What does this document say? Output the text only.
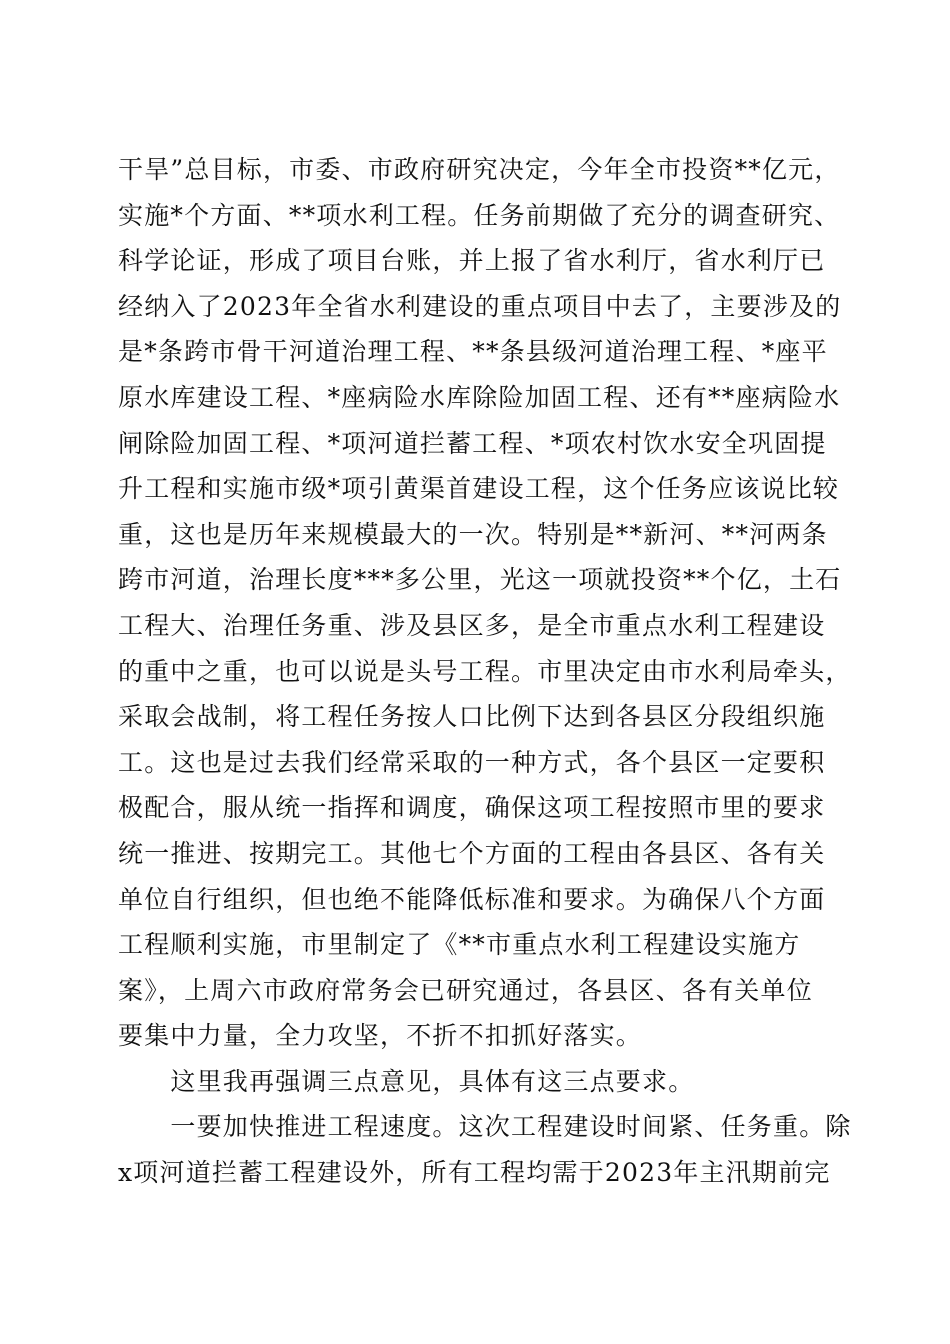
干旱”总目标，市委、市政府研究决定，今年全市投资**亿元，
实施*个方面、**项水利工程。任务前期做了充分的调查研究、
科学论证，形成了项目台账，并上报了省水利厅，省水利厅已
经纳入了2023年全省水利建设的重点项目中去了，主要涉及的
是*条跨市骨干河道治理工程、**条县级河道治理工程、*座平
原水库建设工程、*座病险水库除险加固工程、还有**座病险水
闸除险加固工程、*项河道拦蓄工程、*项农村饮水安全巩固提
升工程和实施市级*项引黄渠首建设工程，这个任务应该说比较
重，这也是历年来规模最大的一次。特别是**新河、**河两条
跨市河道，治理长度***多公里，光这一项就投资**个亿，土石
工程大、治理任务重、涉及县区多，是全市重点水利工程建设
的重中之重，也可以说是头号工程。市里决定由市水利局牵头，
采取会战制，将工程任务按人口比例下达到各县区分段组织施
工。这也是过去我们经常采取的一种方式，各个县区一定要积
极配合，服从统一指挥和调度，确保这项工程按照市里的要求
统一推进、按期完工。其他七个方面的工程由各县区、各有关
单位自行组织，但也绝不能降低标准和要求。为确保八个方面
工程顺利实施，市里制定了《**市重点水利工程建设实施方
案》，上周六市政府常务会已研究通过，各县区、各有关单位
要集中力量，全力攻坚，不折不扣抓好落实。
　　这里我再强调三点意见，具体有这三点要求。
　　一要加快推进工程速度。这次工程建设时间紧、任务重。除
x项河道拦蓄工程建设外，所有工程均需于2023年主汛期前完
